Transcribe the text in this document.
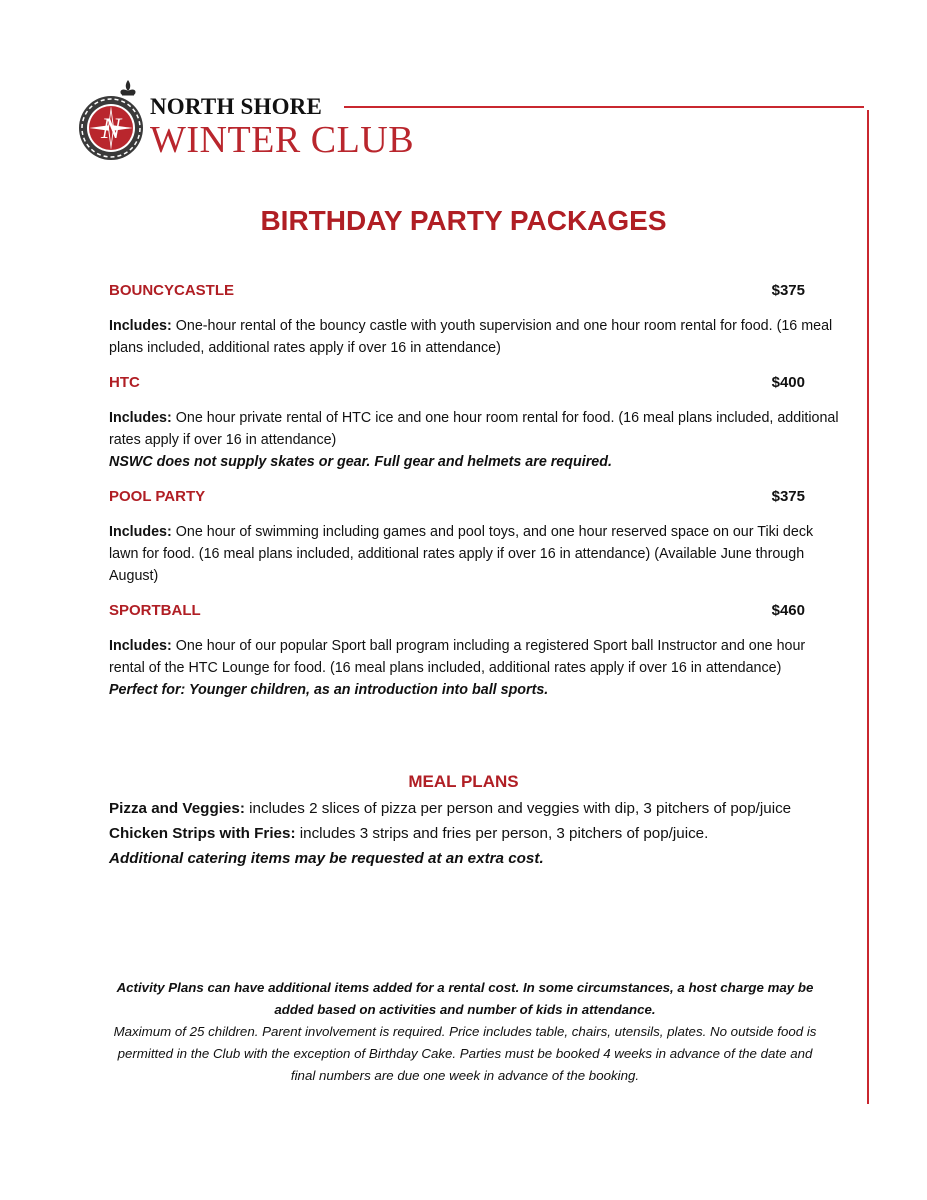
N
NORTH SHORE
WINTER CLUB
BIRTHDAY PARTY PACKAGES
BOUNCYCASTLE	$375
Includes: One-hour rental of the bouncy castle with youth supervision and one hour room rental for food. (16 meal plans included, additional rates apply if over 16 in attendance)
HTC	$400
Includes: One hour private rental of HTC ice and one hour room rental for food. (16 meal plans included, additional rates apply if over 16 in attendance)
NSWC does not supply skates or gear. Full gear and helmets are required.
POOL PARTY	$375
Includes: One hour of swimming including games and pool toys, and one hour reserved space on our Tiki deck lawn for food. (16 meal plans included, additional rates apply if over 16 in attendance) (Available June through August)
SPORTBALL	$460
Includes: One hour of our popular Sport ball program including a registered Sport ball Instructor and one hour rental of the HTC Lounge for food. (16 meal plans included, additional rates apply if over 16 in attendance)
Perfect for: Younger children, as an introduction into ball sports.
MEAL PLANS
Pizza and Veggies: includes 2 slices of pizza per person and veggies with dip, 3 pitchers of pop/juice
Chicken Strips with Fries: includes 3 strips and fries per person, 3 pitchers of pop/juice.
Additional catering items may be requested at an extra cost.
Activity Plans can have additional items added for a rental cost. In some circumstances, a host charge may be added based on activities and number of kids in attendance.
Maximum of 25 children. Parent involvement is required. Price includes table, chairs, utensils, plates. No outside food is permitted in the Club with the exception of Birthday Cake. Parties must be booked 4 weeks in advance of the date and final numbers are due one week in advance of the booking.
